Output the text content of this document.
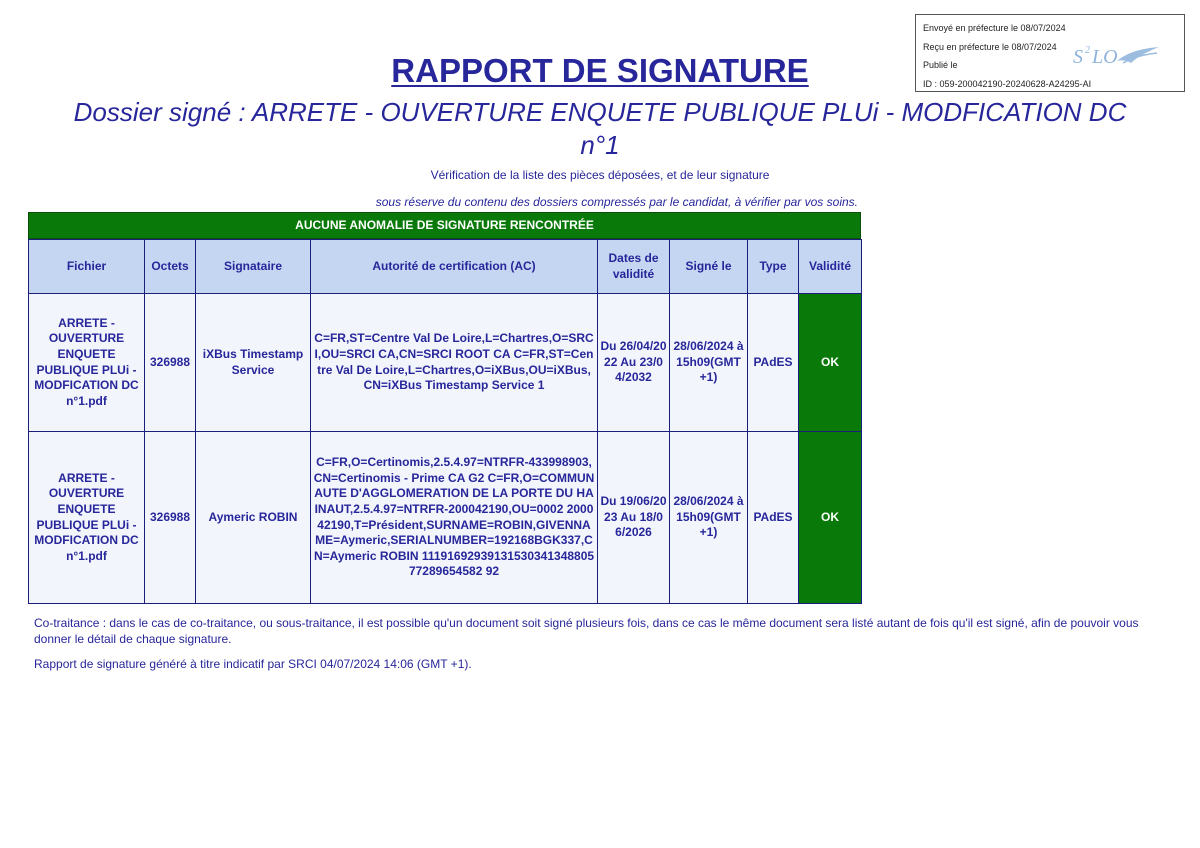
Envoyé en préfecture le 08/07/2024
Reçu en préfecture le 08/07/2024
Publié le
ID : 059-200042190-20240628-A24295-AI
S 2 LO
RAPPORT DE SIGNATURE
Dossier signé : ARRETE - OUVERTURE ENQUETE PUBLIQUE PLUi - MODFICATION DC
n°1
Vérification de la liste des pièces déposées, et de leur signature
sous réserve du contenu des dossiers compressés par le candidat, à vérifier par vos soins.
AUCUNE ANOMALIE DE SIGNATURE RENCONTRÉE
Fichier	Octets	Signataire	Autorité de certification (AC)	Dates de validité	Signé le	Type	Validité
ARRETE - OUVERTURE ENQUETE PUBLIQUE PLUi - MODFICATION DC n°1.pdf	326988	iXBus Timestamp Service	C=FR,ST=Centre Val De Loire,L=Chartres,O=SRCI,OU=SRCI CA,CN=SRCI ROOT CA C=FR,ST=Centre Val De Loire,L=Chartres,O=iXBus,OU=iXBus,CN=iXBus Timestamp Service 1	Du 26/04/2022 Au 23/04/2032	28/06/2024 à 15h09(GMT +1)	PAdES	OK
ARRETE - OUVERTURE ENQUETE PUBLIQUE PLUi - MODFICATION DC n°1.pdf	326988	Aymeric ROBIN	C=FR,O=Certinomis,2.5.4.97=NTRFR-433998903,CN=Certinomis - Prime CA G2 C=FR,O=COMMUNAUTE D'AGGLOMERATION DE LA PORTE DU HAINAUT,2.5.4.97=NTRFR-200042190,OU=0002 200042190,T=Président,SURNAME=ROBIN,GIVENNAME=Aymeric,SERIALNUMBER=192168BGK337,CN=Aymeric ROBIN 1119169293913153034134880577289654582 92	Du 19/06/2023 Au 18/06/2026	28/06/2024 à 15h09(GMT +1)	PAdES	OK
Co-traitance : dans le cas de co-traitance, ou sous-traitance, il est possible qu'un document soit signé plusieurs fois, dans ce cas le même document sera listé autant de fois qu'il est signé, afin de pouvoir vous donner le détail de chaque signature.
Rapport de signature généré à titre indicatif par SRCI 04/07/2024 14:06 (GMT +1).
